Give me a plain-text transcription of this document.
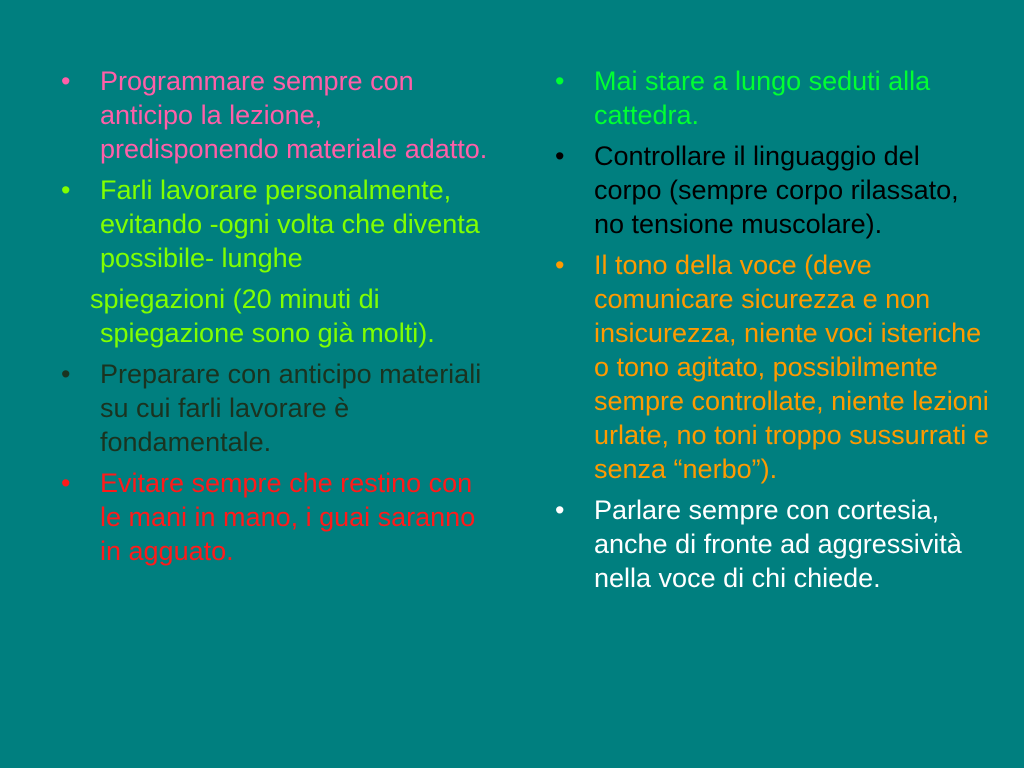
• Programmare sempre con anticipo la lezione, predisponendo materiale adatto.
• Farli lavorare personalmente, evitando -ogni volta che diventa possibile- lunghe
spiegazioni (20 minuti di spiegazione sono già molti).
• Preparare con anticipo materiali su cui farli lavorare è fondamentale.
• Evitare sempre che restino con le mani in mano, i guai saranno in agguato.
• Mai stare a lungo seduti alla cattedra.
• Controllare il linguaggio del corpo (sempre corpo rilassato, no tensione muscolare).
• Il tono della voce (deve comunicare sicurezza e non insicurezza, niente voci isteriche o tono agitato, possibilmente sempre controllate, niente lezioni urlate, no toni troppo sussurrati e senza “nerbo”).
• Parlare sempre con cortesia, anche di fronte ad aggressività nella voce di chi chiede.
